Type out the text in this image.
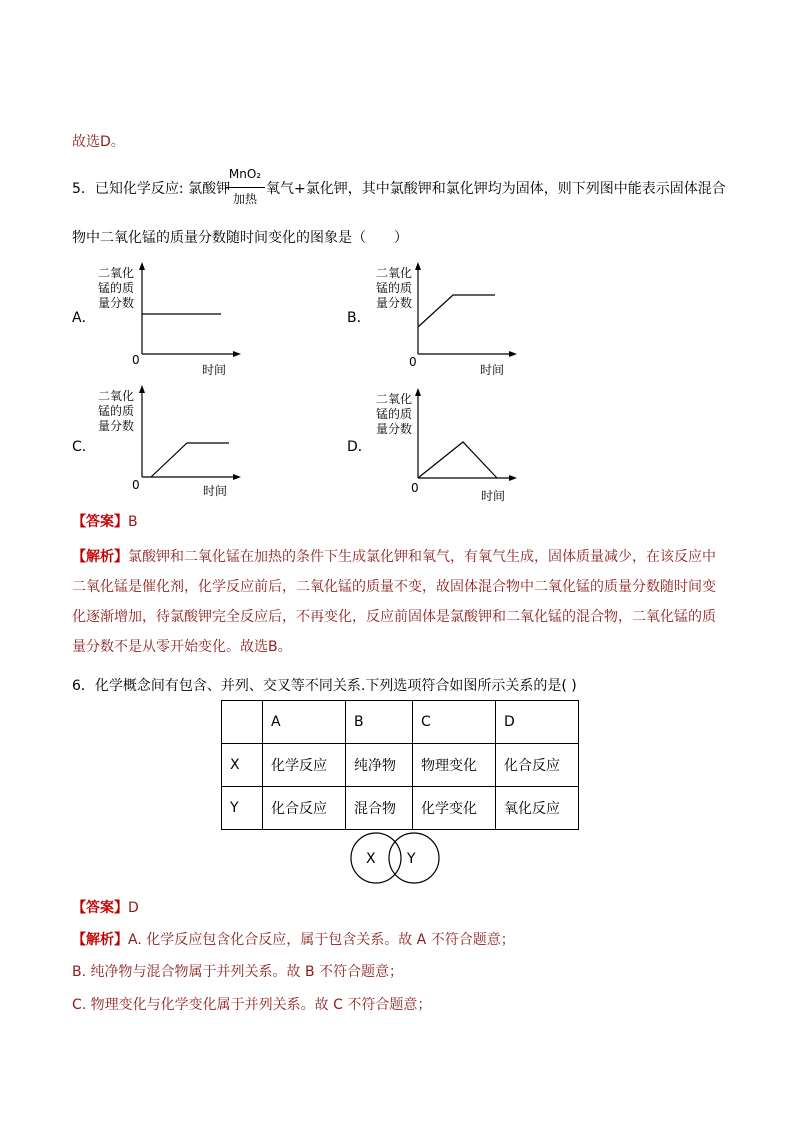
故选D。
5．已知化学反应: 氯酸钾
MnO₂
加热
氧气+氯化钾，其中氯酸钾和氯化钾均为固体，则下列图中能表示固体混合
物中二氧化锰的质量分数随时间变化的图象是（　　）
A．	B．
C．	D．
二氧化
锰的质
量分数
0
时间
二氧化
锰的质
量分数
0
时间
二氧化
锰的质
量分数
0	时间
二氧化
锰的质
量分数
0
时间
【答案】B
【解析】氯酸钾和二氧化锰在加热的条件下生成氯化钾和氧气，有氧气生成，固体质量减少，在该反应中
二氧化锰是催化剂，化学反应前后，二氧化锰的质量不变，故固体混合物中二氧化锰的质量分数随时间变
化逐渐增加，待氯酸钾完全反应后，不再变化，反应前固体是氯酸钾和二氧化锰的混合物，二氧化锰的质
量分数不是从零开始变化。故选B。
6．化学概念间有包含、并列、交叉等不同关系.下列选项符合如图所示关系的是( )
	A	B	C	D
X	化学反应	纯净物	物理变化	化合反应
Y	化合反应	混合物	化学变化	氧化反应
X Y
【答案】D
【解析】A. 化学反应包含化合反应，属于包含关系。故 A 不符合题意；
B. 纯净物与混合物属于并列关系。故 B 不符合题意；
C. 物理变化与化学变化属于并列关系。故 C 不符合题意；
